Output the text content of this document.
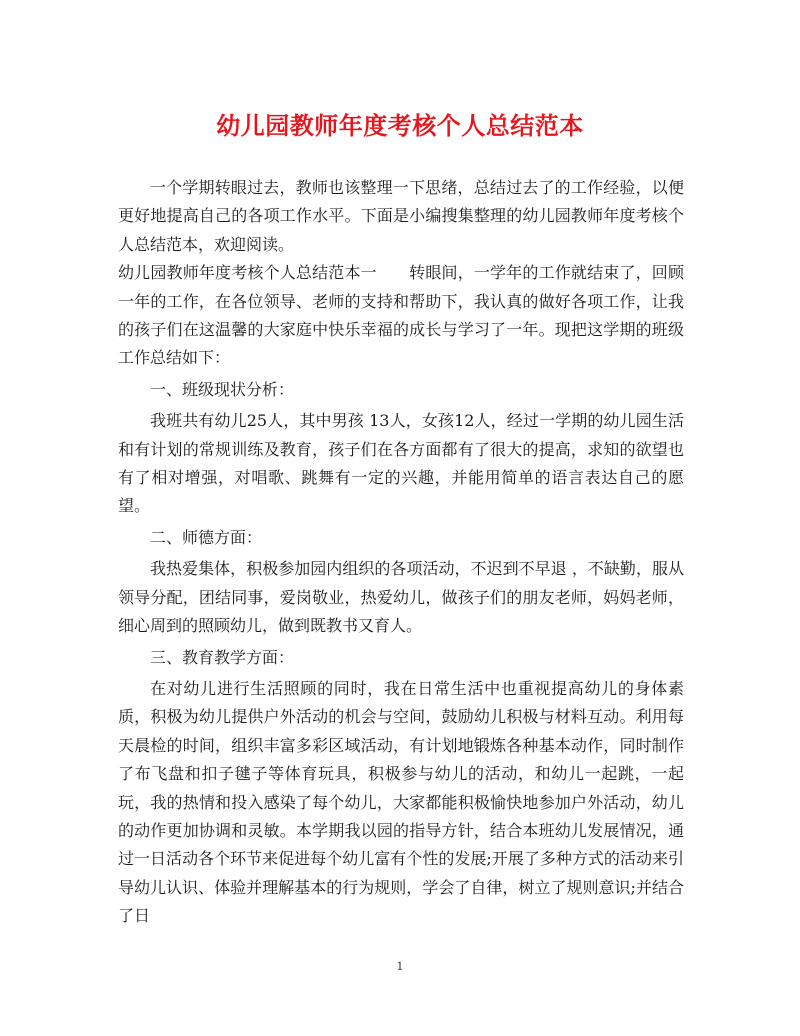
幼儿园教师年度考核个人总结范本

一个学期转眼过去，教师也该整理一下思绪，总结过去了的工作经验，以便更好地提高自己的各项工作水平。下面是小编搜集整理的幼儿园教师年度考核个人总结范本，欢迎阅读。

幼儿园教师年度考核个人总结范本一　　转眼间，一学年的工作就结束了，回顾一年的工作，在各位领导、老师的支持和帮助下，我认真的做好各项工作，让我的孩子们在这温馨的大家庭中快乐幸福的成长与学习了一年。现把这学期的班级工作总结如下：

一、班级现状分析：

我班共有幼儿25人，其中男孩 13人，女孩12人，经过一学期的幼儿园生活和有计划的常规训练及教育，孩子们在各方面都有了很大的提高，求知的欲望也有了相对增强，对唱歌、跳舞有一定的兴趣，并能用简单的语言表达自己的愿望。

二、师德方面：

我热爱集体，积极参加园内组织的各项活动，不迟到不早退 ，不缺勤，服从领导分配，团结同事，爱岗敬业，热爱幼儿，做孩子们的朋友老师，妈妈老师，细心周到的照顾幼儿，做到既教书又育人。

三、教育教学方面：

在对幼儿进行生活照顾的同时，我在日常生活中也重视提高幼儿的身体素质，积极为幼儿提供户外活动的机会与空间，鼓励幼儿积极与材料互动。利用每天晨检的时间，组织丰富多彩区域活动，有计划地锻炼各种基本动作，同时制作了布飞盘和扣子毽子等体育玩具，积极参与幼儿的活动，和幼儿一起跳，一起玩，我的热情和投入感染了每个幼儿，大家都能积极愉快地参加户外活动，幼儿的动作更加协调和灵敏。本学期我以园的指导方针，结合本班幼儿发展情况，通过一日活动各个环节来促进每个幼儿富有个性的发展;开展了多种方式的活动来引导幼儿认识、体验并理解基本的行为规则，学会了自律，树立了规则意识;并结合了日

1
